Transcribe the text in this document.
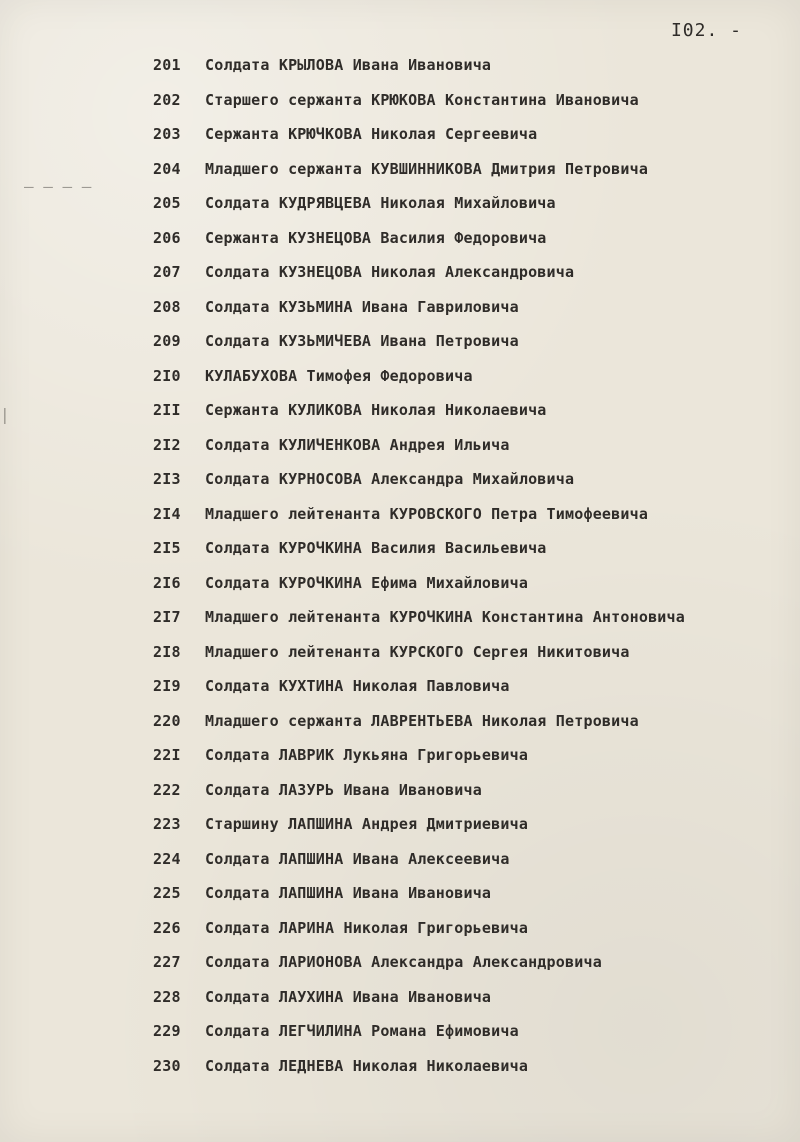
I02. -
– – – –
|
201	Солдата КРЫЛОВА Ивана Ивановича
202	Старшего сержанта КРЮКОВА Константина Ивановича
203	Сержанта КРЮЧКОВА Николая Сергеевича
204	Младшего сержанта КУВШИННИКОВА Дмитрия Петровича
205	Солдата КУДРЯВЦЕВА Николая Михайловича
206	Сержанта КУЗНЕЦОВА Василия Федоровича
207	Солдата КУЗНЕЦОВА Николая Александровича
208	Солдата КУЗЬМИНА Ивана Гавриловича
209	Солдата КУЗЬМИЧЕВА Ивана Петровича
2I0	КУЛАБУХОВА Тимофея Федоровича
2II	Сержанта КУЛИКОВА Николая Николаевича
2I2	Солдата КУЛИЧЕНКОВА Андрея Ильича
2I3	Солдата КУРНОСОВА Александра Михайловича
2I4	Младшего лейтенанта КУРОВСКОГО Петра Тимофеевича
2I5	Солдата КУРОЧКИНА Василия Васильевича
2I6	Солдата КУРОЧКИНА Ефима Михайловича
2I7	Младшего лейтенанта КУРОЧКИНА Константина Антоновича
2I8	Младшего лейтенанта КУРСКОГО Сергея Никитовича
2I9	Солдата КУХТИНА Николая Павловича
220	Младшего сержанта ЛАВРЕНТЬЕВА Николая Петровича
22I	Солдата ЛАВРИК Лукьяна Григорьевича
222	Солдата ЛАЗУРЬ Ивана Ивановича
223	Старшину ЛАПШИНА Андрея Дмитриевича
224	Солдата ЛАПШИНА Ивана Алексеевича
225	Солдата ЛАПШИНА Ивана Ивановича
226	Солдата ЛАРИНА Николая Григорьевича
227	Солдата ЛАРИОНОВА Александра Александровича
228	Солдата ЛАУХИНА Ивана Ивановича
229	Солдата ЛЕГЧИЛИНА Романа Ефимовича
230	Солдата ЛЕДНЕВА Николая Николаевича
